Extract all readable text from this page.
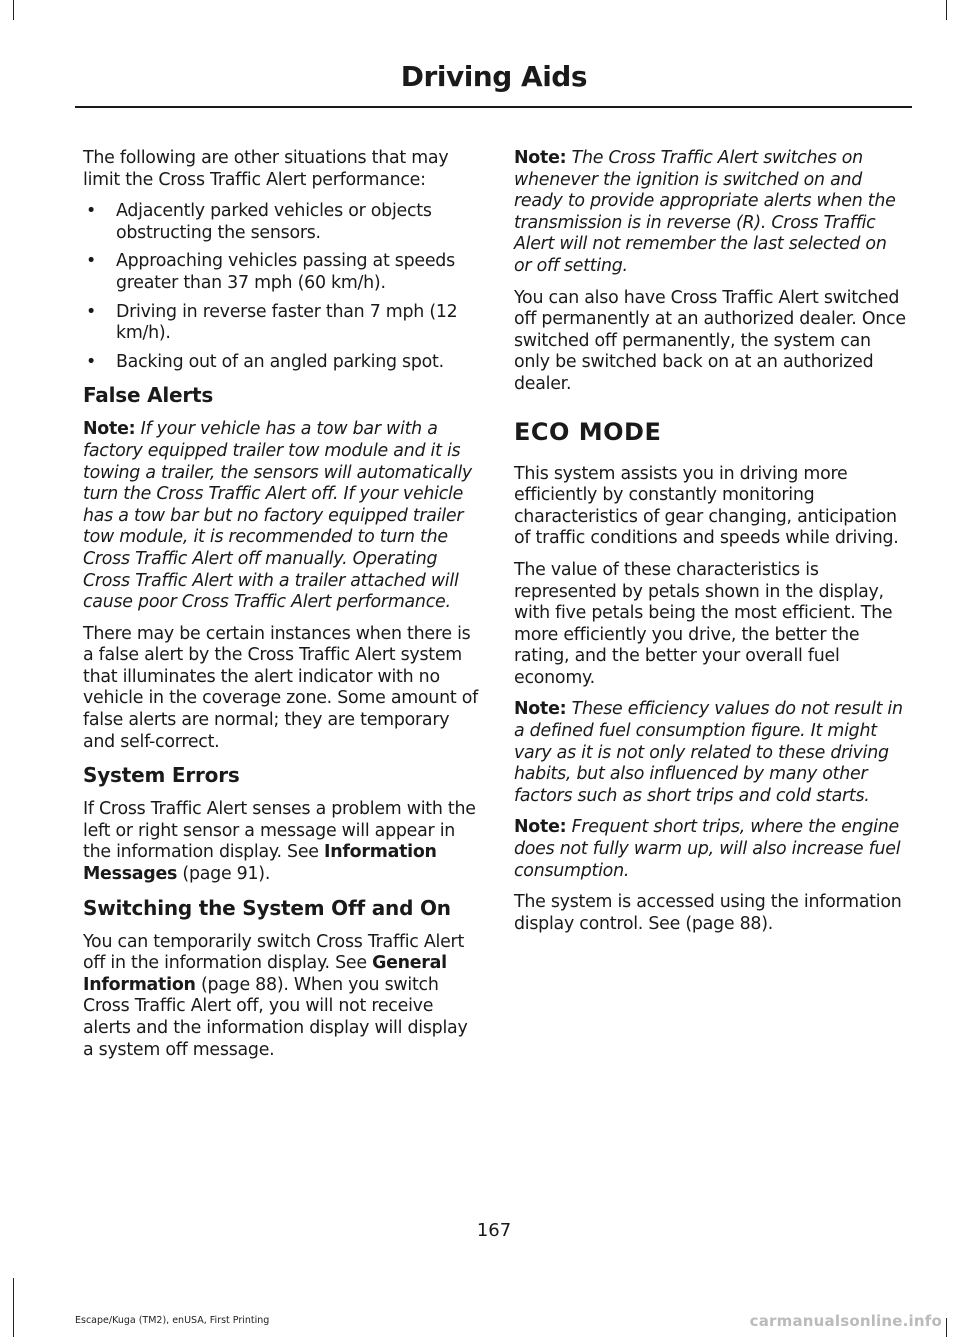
Driving Aids

The following are other situations that may limit the Cross Traffic Alert performance:

• Adjacently parked vehicles or objects obstructing the sensors.
• Approaching vehicles passing at speeds greater than 37 mph (60 km/h).
• Driving in reverse faster than 7 mph (12 km/h).
• Backing out of an angled parking spot.
False Alerts

Note: If your vehicle has a tow bar with a factory equipped trailer tow module and it is towing a trailer, the sensors will automatically turn the Cross Traffic Alert off. If your vehicle has a tow bar but no factory equipped trailer tow module, it is recommended to turn the Cross Traffic Alert off manually. Operating Cross Traffic Alert with a trailer attached will cause poor Cross Traffic Alert performance.

There may be certain instances when there is a false alert by the Cross Traffic Alert system that illuminates the alert indicator with no vehicle in the coverage zone. Some amount of false alerts are normal; they are temporary and self-correct.

System Errors

If Cross Traffic Alert senses a problem with the left or right sensor a message will appear in the information display. See Information Messages (page 91).

Switching the System Off and On

You can temporarily switch Cross Traffic Alert off in the information display. See General Information (page 88). When you switch Cross Traffic Alert off, you will not receive alerts and the information display will display a system off message.

Note: The Cross Traffic Alert switches on whenever the ignition is switched on and ready to provide appropriate alerts when the transmission is in reverse (R). Cross Traffic Alert will not remember the last selected on or off setting.

You can also have Cross Traffic Alert switched off permanently at an authorized dealer. Once switched off permanently, the system can only be switched back on at an authorized dealer.

ECO MODE

This system assists you in driving more efficiently by constantly monitoring characteristics of gear changing, anticipation of traffic conditions and speeds while driving.

The value of these characteristics is represented by petals shown in the display, with five petals being the most efficient. The more efficiently you drive, the better the rating, and the better your overall fuel economy.

Note: These efficiency values do not result in a defined fuel consumption figure. It might vary as it is not only related to these driving habits, but also influenced by many other factors such as short trips and cold starts.

Note: Frequent short trips, where the engine does not fully warm up, will also increase fuel consumption.

The system is accessed using the information display control. See (page 88).

167
Escape/Kuga (TM2), enUSA, First Printing	carmanualsonline.info
